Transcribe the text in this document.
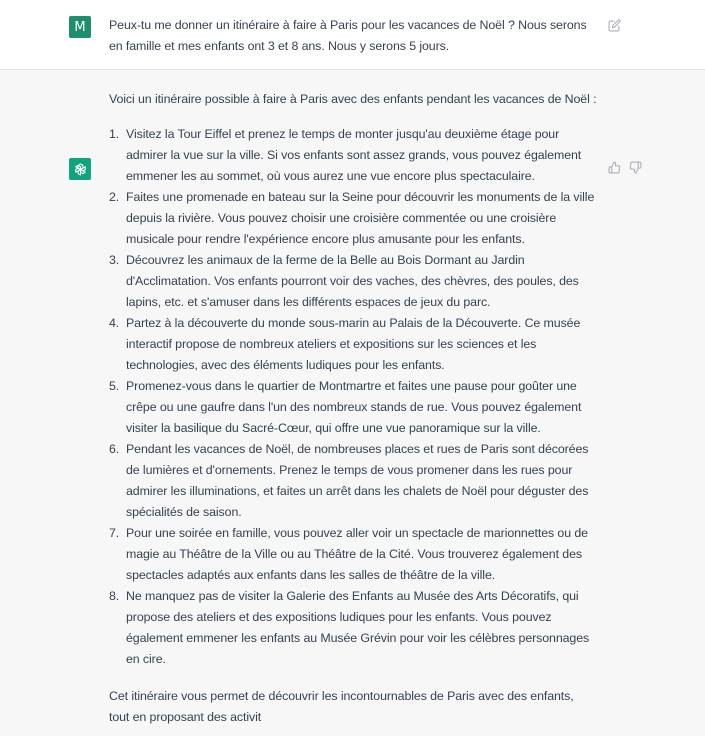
M Peux-tu me donner un itinéraire à faire à Paris pour les vacances de Noël ? Nous serons en famille et mes enfants ont 3 et 8 ans. Nous y serons 5 jours.
Voici un itinéraire possible à faire à Paris avec des enfants pendant les vacances de Noël :
1. Visitez la Tour Eiffel et prenez le temps de monter jusqu'au deuxième étage pour admirer la vue sur la ville. Si vos enfants sont assez grands, vous pouvez également emmener les au sommet, où vous aurez une vue encore plus spectaculaire.
2. Faites une promenade en bateau sur la Seine pour découvrir les monuments de la ville depuis la rivière. Vous pouvez choisir une croisière commentée ou une croisière musicale pour rendre l'expérience encore plus amusante pour les enfants.
3. Découvrez les animaux de la ferme de la Belle au Bois Dormant au Jardin d'Acclimatation. Vos enfants pourront voir des vaches, des chèvres, des poules, des lapins, etc. et s'amuser dans les différents espaces de jeux du parc.
4. Partez à la découverte du monde sous-marin au Palais de la Découverte. Ce musée interactif propose de nombreux ateliers et expositions sur les sciences et les technologies, avec des éléments ludiques pour les enfants.
5. Promenez-vous dans le quartier de Montmartre et faites une pause pour goûter une crêpe ou une gaufre dans l'un des nombreux stands de rue. Vous pouvez également visiter la basilique du Sacré-Cœur, qui offre une vue panoramique sur la ville.
6. Pendant les vacances de Noël, de nombreuses places et rues de Paris sont décorées de lumières et d'ornements. Prenez le temps de vous promener dans les rues pour admirer les illuminations, et faites un arrêt dans les chalets de Noël pour déguster des spécialités de saison.
7. Pour une soirée en famille, vous pouvez aller voir un spectacle de marionnettes ou de magie au Théâtre de la Ville ou au Théâtre de la Cité. Vous trouverez également des spectacles adaptés aux enfants dans les salles de théâtre de la ville.
8. Ne manquez pas de visiter la Galerie des Enfants au Musée des Arts Décoratifs, qui propose des ateliers et des expositions ludiques pour les enfants. Vous pouvez également emmener les enfants au Musée Grévin pour voir les célèbres personnages en cire.
Cet itinéraire vous permet de découvrir les incontournables de Paris avec des enfants, tout en proposant des activit
